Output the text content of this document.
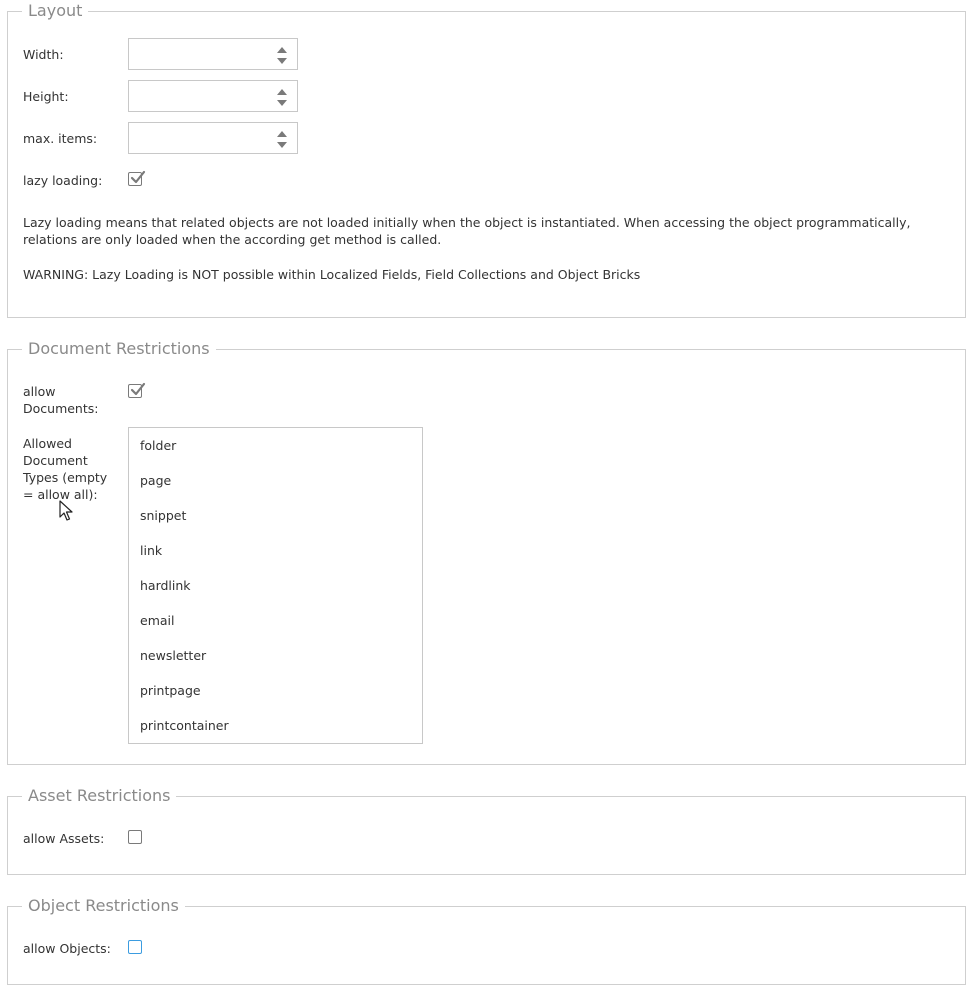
Layout
Width:
Height:
max. items:
lazy loading:
Lazy loading means that related objects are not loaded initially when the object is instantiated. When accessing the object programmatically, relations are only loaded when the according get method is called.
WARNING: Lazy Loading is NOT possible within Localized Fields, Field Collections and Object Bricks
Document Restrictions
allow Documents:
Allowed Document Types (empty = allow all):
folder
page
snippet
link
hardlink
email
newsletter
printpage
printcontainer
Asset Restrictions
allow Assets:
Object Restrictions
allow Objects:
